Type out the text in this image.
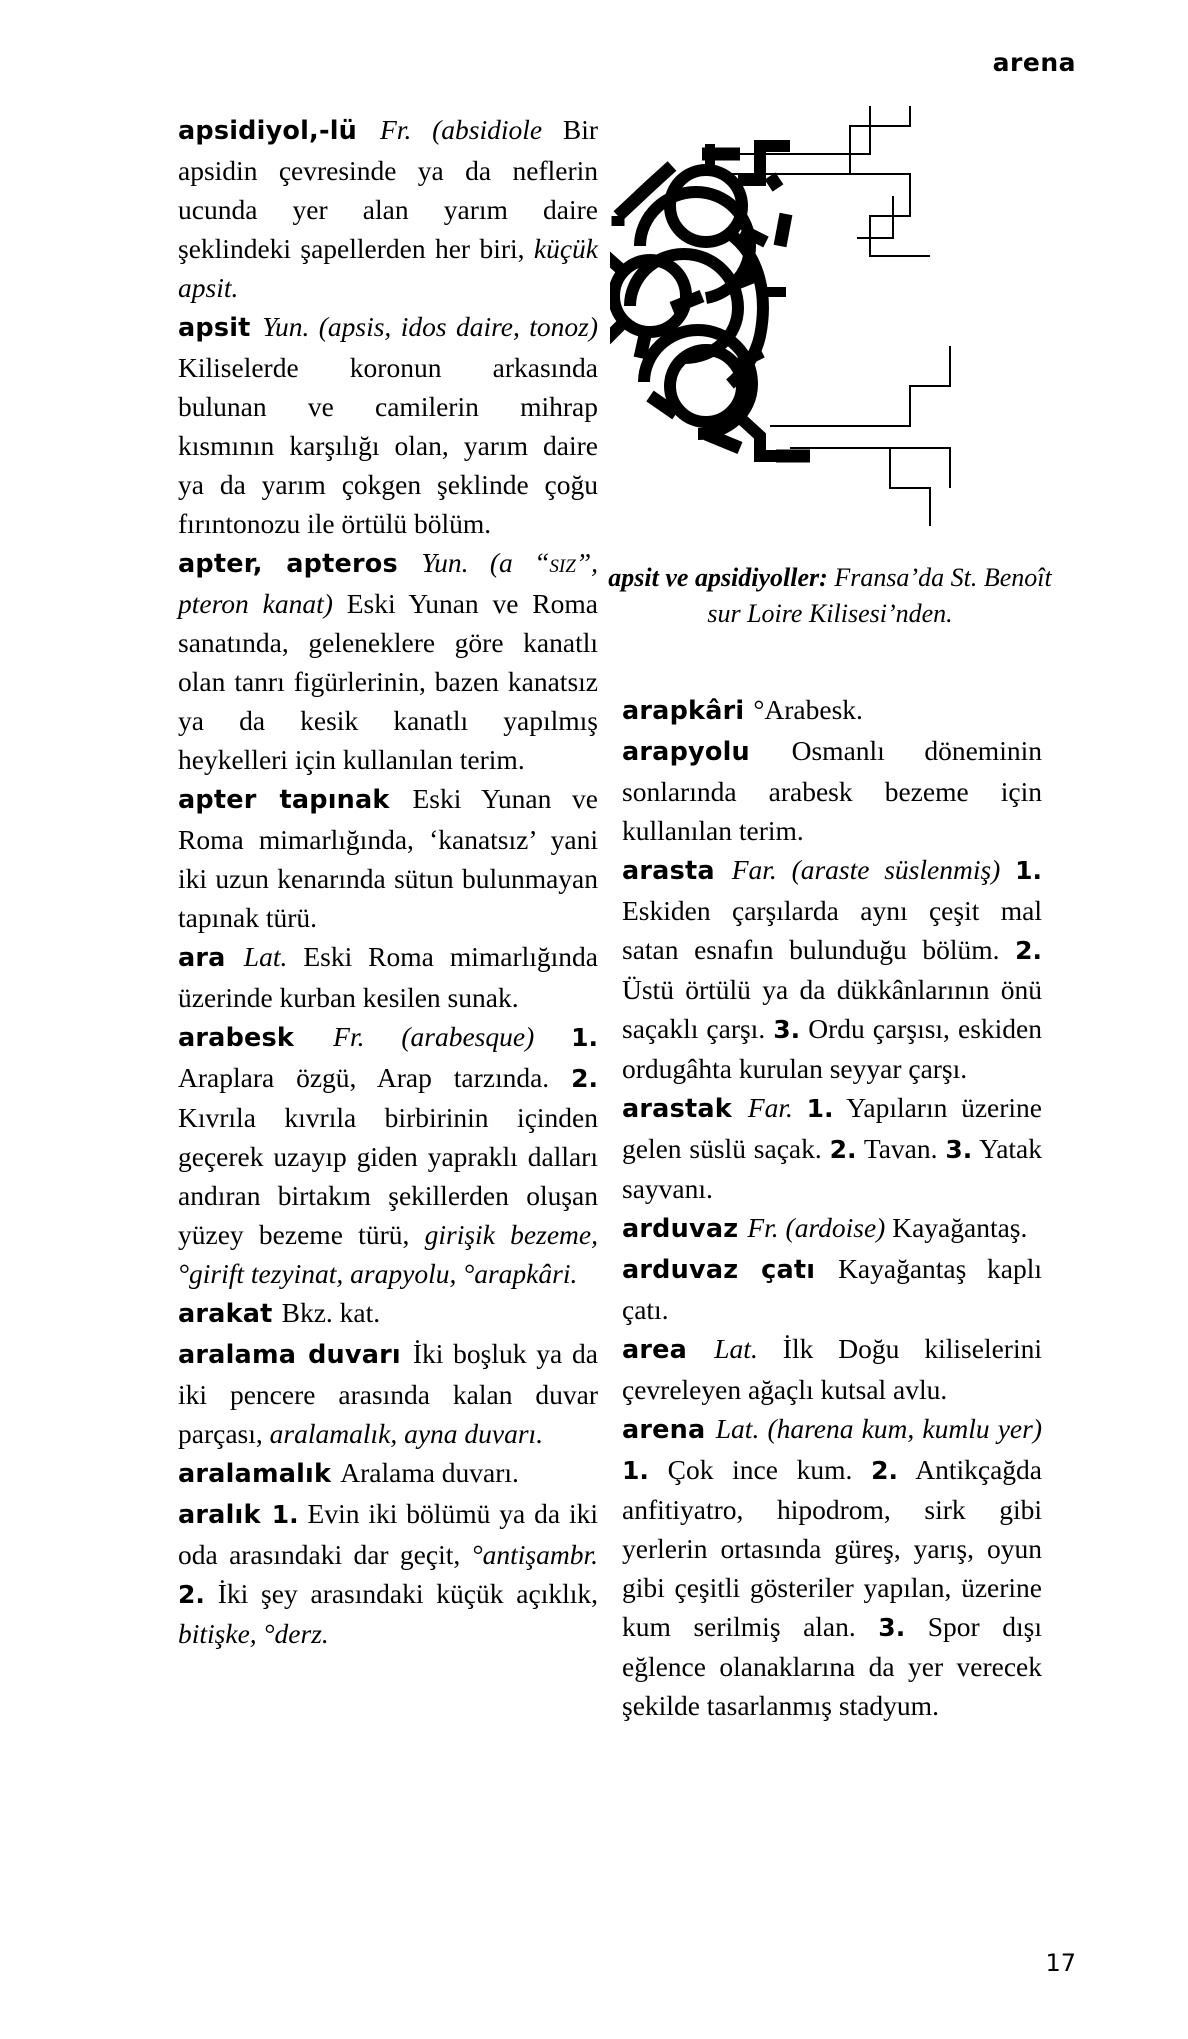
arena
apsit ve apsidiyoller: Fransa’da St. Benoît sur Loire Kilisesi’nden.

apsidiyol,-lü Fr. (absidiole Bir apsidin çevresinde ya da neflerin ucunda yer alan yarım daire şeklindeki şapellerden her biri, küçük apsit.

apsit Yun. (apsis, idos daire, tonoz) Kiliselerde koronun arkasında bulunan ve camilerin mihrap kısmının karşılığı olan, yarım daire ya da yarım çokgen şeklinde çoğu fırıntonozu ile örtülü bölüm.

apter, apteros Yun. (a “sız”, pteron kanat) Eski Yunan ve Roma sanatında, geleneklere göre kanatlı olan tanrı figürlerinin, bazen kanatsız ya da kesik kanatlı yapılmış heykelleri için kullanılan terim.

apter tapınak Eski Yunan ve Roma mimarlığında, ‘kanatsız’ yani iki uzun kenarında sütun bulunmayan tapınak türü.

ara Lat. Eski Roma mimarlığında üzerinde kurban kesilen sunak.

arabesk Fr. (arabesque) 1. Araplara özgü, Arap tarzında. 2. Kıvrıla kıvrıla birbirinin içinden geçerek uzayıp giden yapraklı dalları andıran birtakım şekillerden oluşan yüzey bezeme türü, girişik bezeme, °girift tezyinat, arapyolu, °arapkâri.

arakat Bkz. kat.

aralama duvarı İki boşluk ya da iki pencere arasında kalan duvar parçası, aralamalık, ayna duvarı.

aralamalık Aralama duvarı.

aralık 1. Evin iki bölümü ya da iki oda arasındaki dar geçit, °antişambr. 2. İki şey arasındaki küçük açıklık, bitişke, °derz.

arapkâri °Arabesk.

arapyolu Osmanlı döneminin sonlarında arabesk bezeme için kullanılan terim.

arasta Far. (araste süslenmiş) 1. Eskiden çarşılarda aynı çeşit mal satan esnafın bulunduğu bölüm. 2. Üstü örtülü ya da dükkânlarının önü saçaklı çarşı. 3. Ordu çarşısı, eskiden ordugâhta kurulan seyyar çarşı.

arastak Far. 1. Yapıların üzerine gelen süslü saçak. 2. Tavan. 3. Yatak sayvanı.

arduvaz Fr. (ardoise) Kayağantaş.

arduvaz çatı Kayağantaş kaplı çatı.

area Lat. İlk Doğu kiliselerini çevreleyen ağaçlı kutsal avlu.

arena Lat. (harena kum, kumlu yer) 1. Çok ince kum. 2. Antikçağda anfitiyatro, hipodrom, sirk gibi yerlerin ortasında güreş, yarış, oyun gibi çeşitli gösteriler yapılan, üzerine kum serilmiş alan. 3. Spor dışı eğlence olanaklarına da yer verecek şekilde tasarlanmış stadyum.

17
